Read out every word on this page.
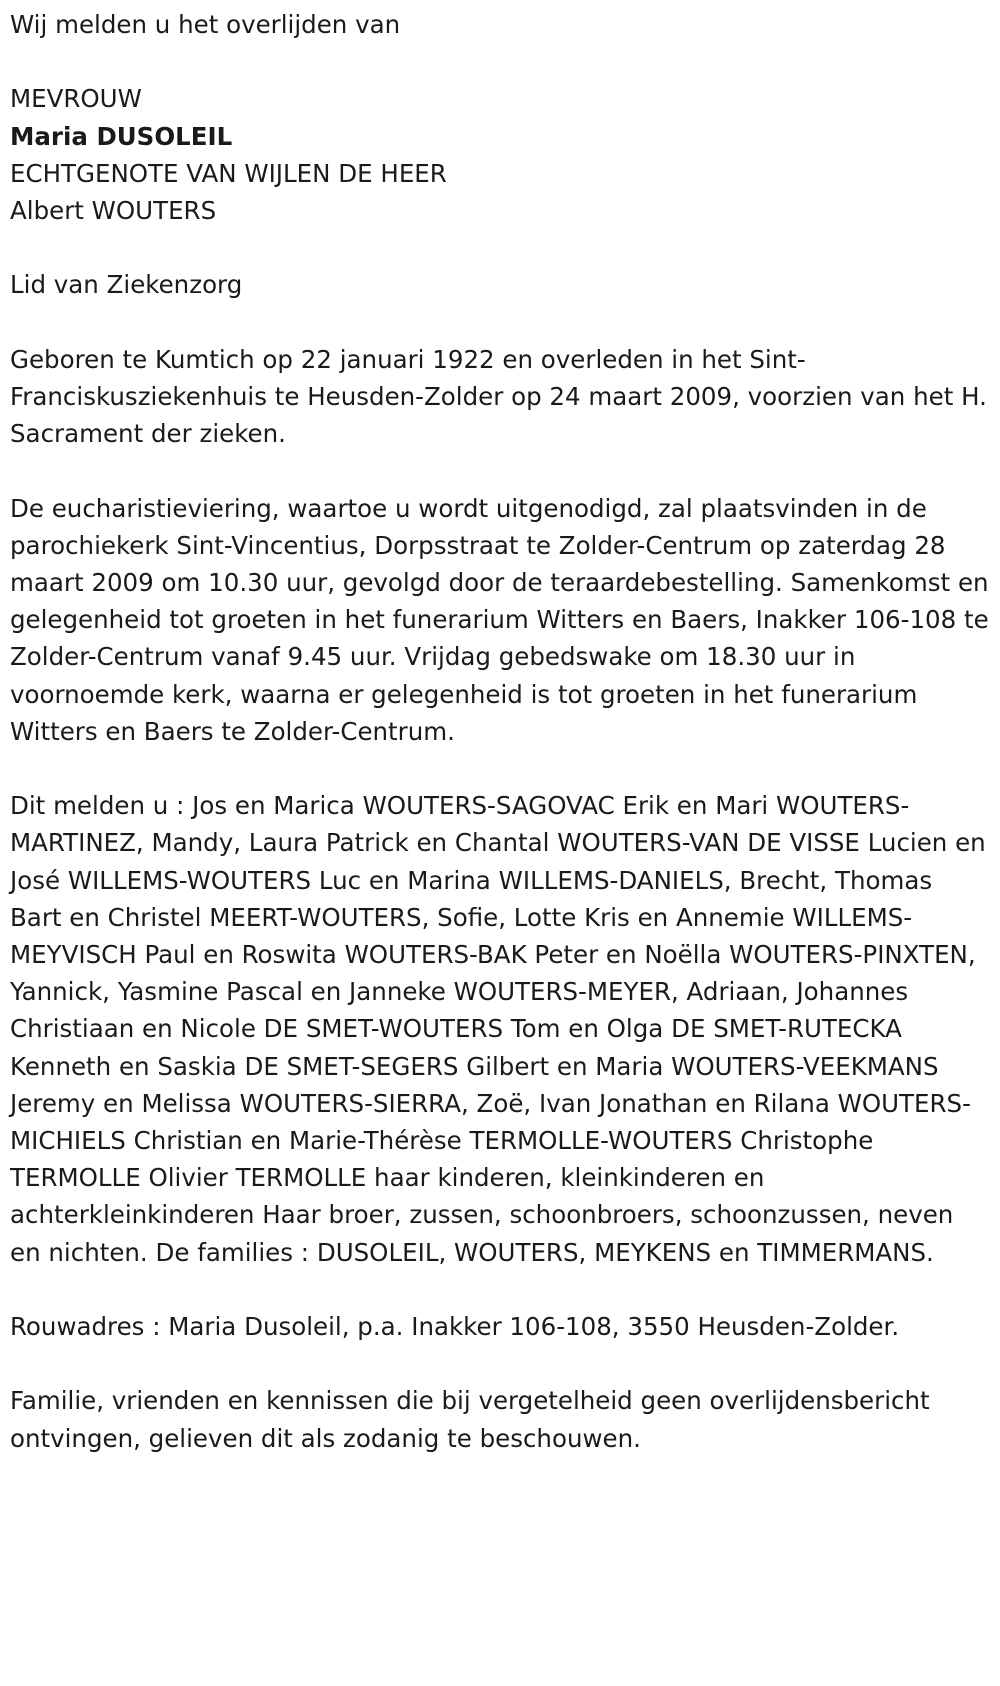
Wij melden u het overlijden van

MEVROUW

Maria DUSOLEIL

ECHTGENOTE VAN WIJLEN DE HEER

Albert WOUTERS

Lid van Ziekenzorg

Geboren te Kumtich op 22 januari 1922 en overleden in het Sint-Franciskusziekenhuis te Heusden-Zolder op 24 maart 2009, voorzien van het H. Sacrament der zieken.

De eucharistieviering, waartoe u wordt uitgenodigd, zal plaatsvinden in de parochiekerk Sint-Vincentius, Dorpsstraat te Zolder-Centrum op zaterdag 28 maart 2009 om 10.30 uur, gevolgd door de teraardebestelling. Samenkomst en gelegenheid tot groeten in het funerarium Witters en Baers, Inakker 106-108 te Zolder-Centrum vanaf 9.45 uur. Vrijdag gebedswake om 18.30 uur in voornoemde kerk, waarna er gelegenheid is tot groeten in het funerarium Witters en Baers te Zolder-Centrum.

Dit melden u : Jos en Marica WOUTERS-SAGOVAC Erik en Mari WOUTERS-MARTINEZ, Mandy, Laura Patrick en Chantal WOUTERS-VAN DE VISSE Lucien en José WILLEMS-WOUTERS Luc en Marina WILLEMS-DANIELS, Brecht, Thomas Bart en Christel MEERT-WOUTERS, Sofie, Lotte Kris en Annemie WILLEMS-MEYVISCH Paul en Roswita WOUTERS-BAK Peter en Noëlla WOUTERS-PINXTEN, Yannick, Yasmine Pascal en Janneke WOUTERS-MEYER, Adriaan, Johannes Christiaan en Nicole DE SMET-WOUTERS Tom en Olga DE SMET-RUTECKA Kenneth en Saskia DE SMET-SEGERS Gilbert en Maria WOUTERS-VEEKMANS Jeremy en Melissa WOUTERS-SIERRA, Zoë, Ivan Jonathan en Rilana WOUTERS-MICHIELS Christian en Marie-Thérèse TERMOLLE-WOUTERS Christophe TERMOLLE Olivier TERMOLLE haar kinderen, kleinkinderen en achterkleinkinderen Haar broer, zussen, schoonbroers, schoonzussen, neven en nichten. De families : DUSOLEIL, WOUTERS, MEYKENS en TIMMERMANS.

Rouwadres : Maria Dusoleil, p.a. Inakker 106-108, 3550 Heusden-Zolder.

Familie, vrienden en kennissen die bij vergetelheid geen overlijdensbericht ontvingen, gelieven dit als zodanig te beschouwen.
